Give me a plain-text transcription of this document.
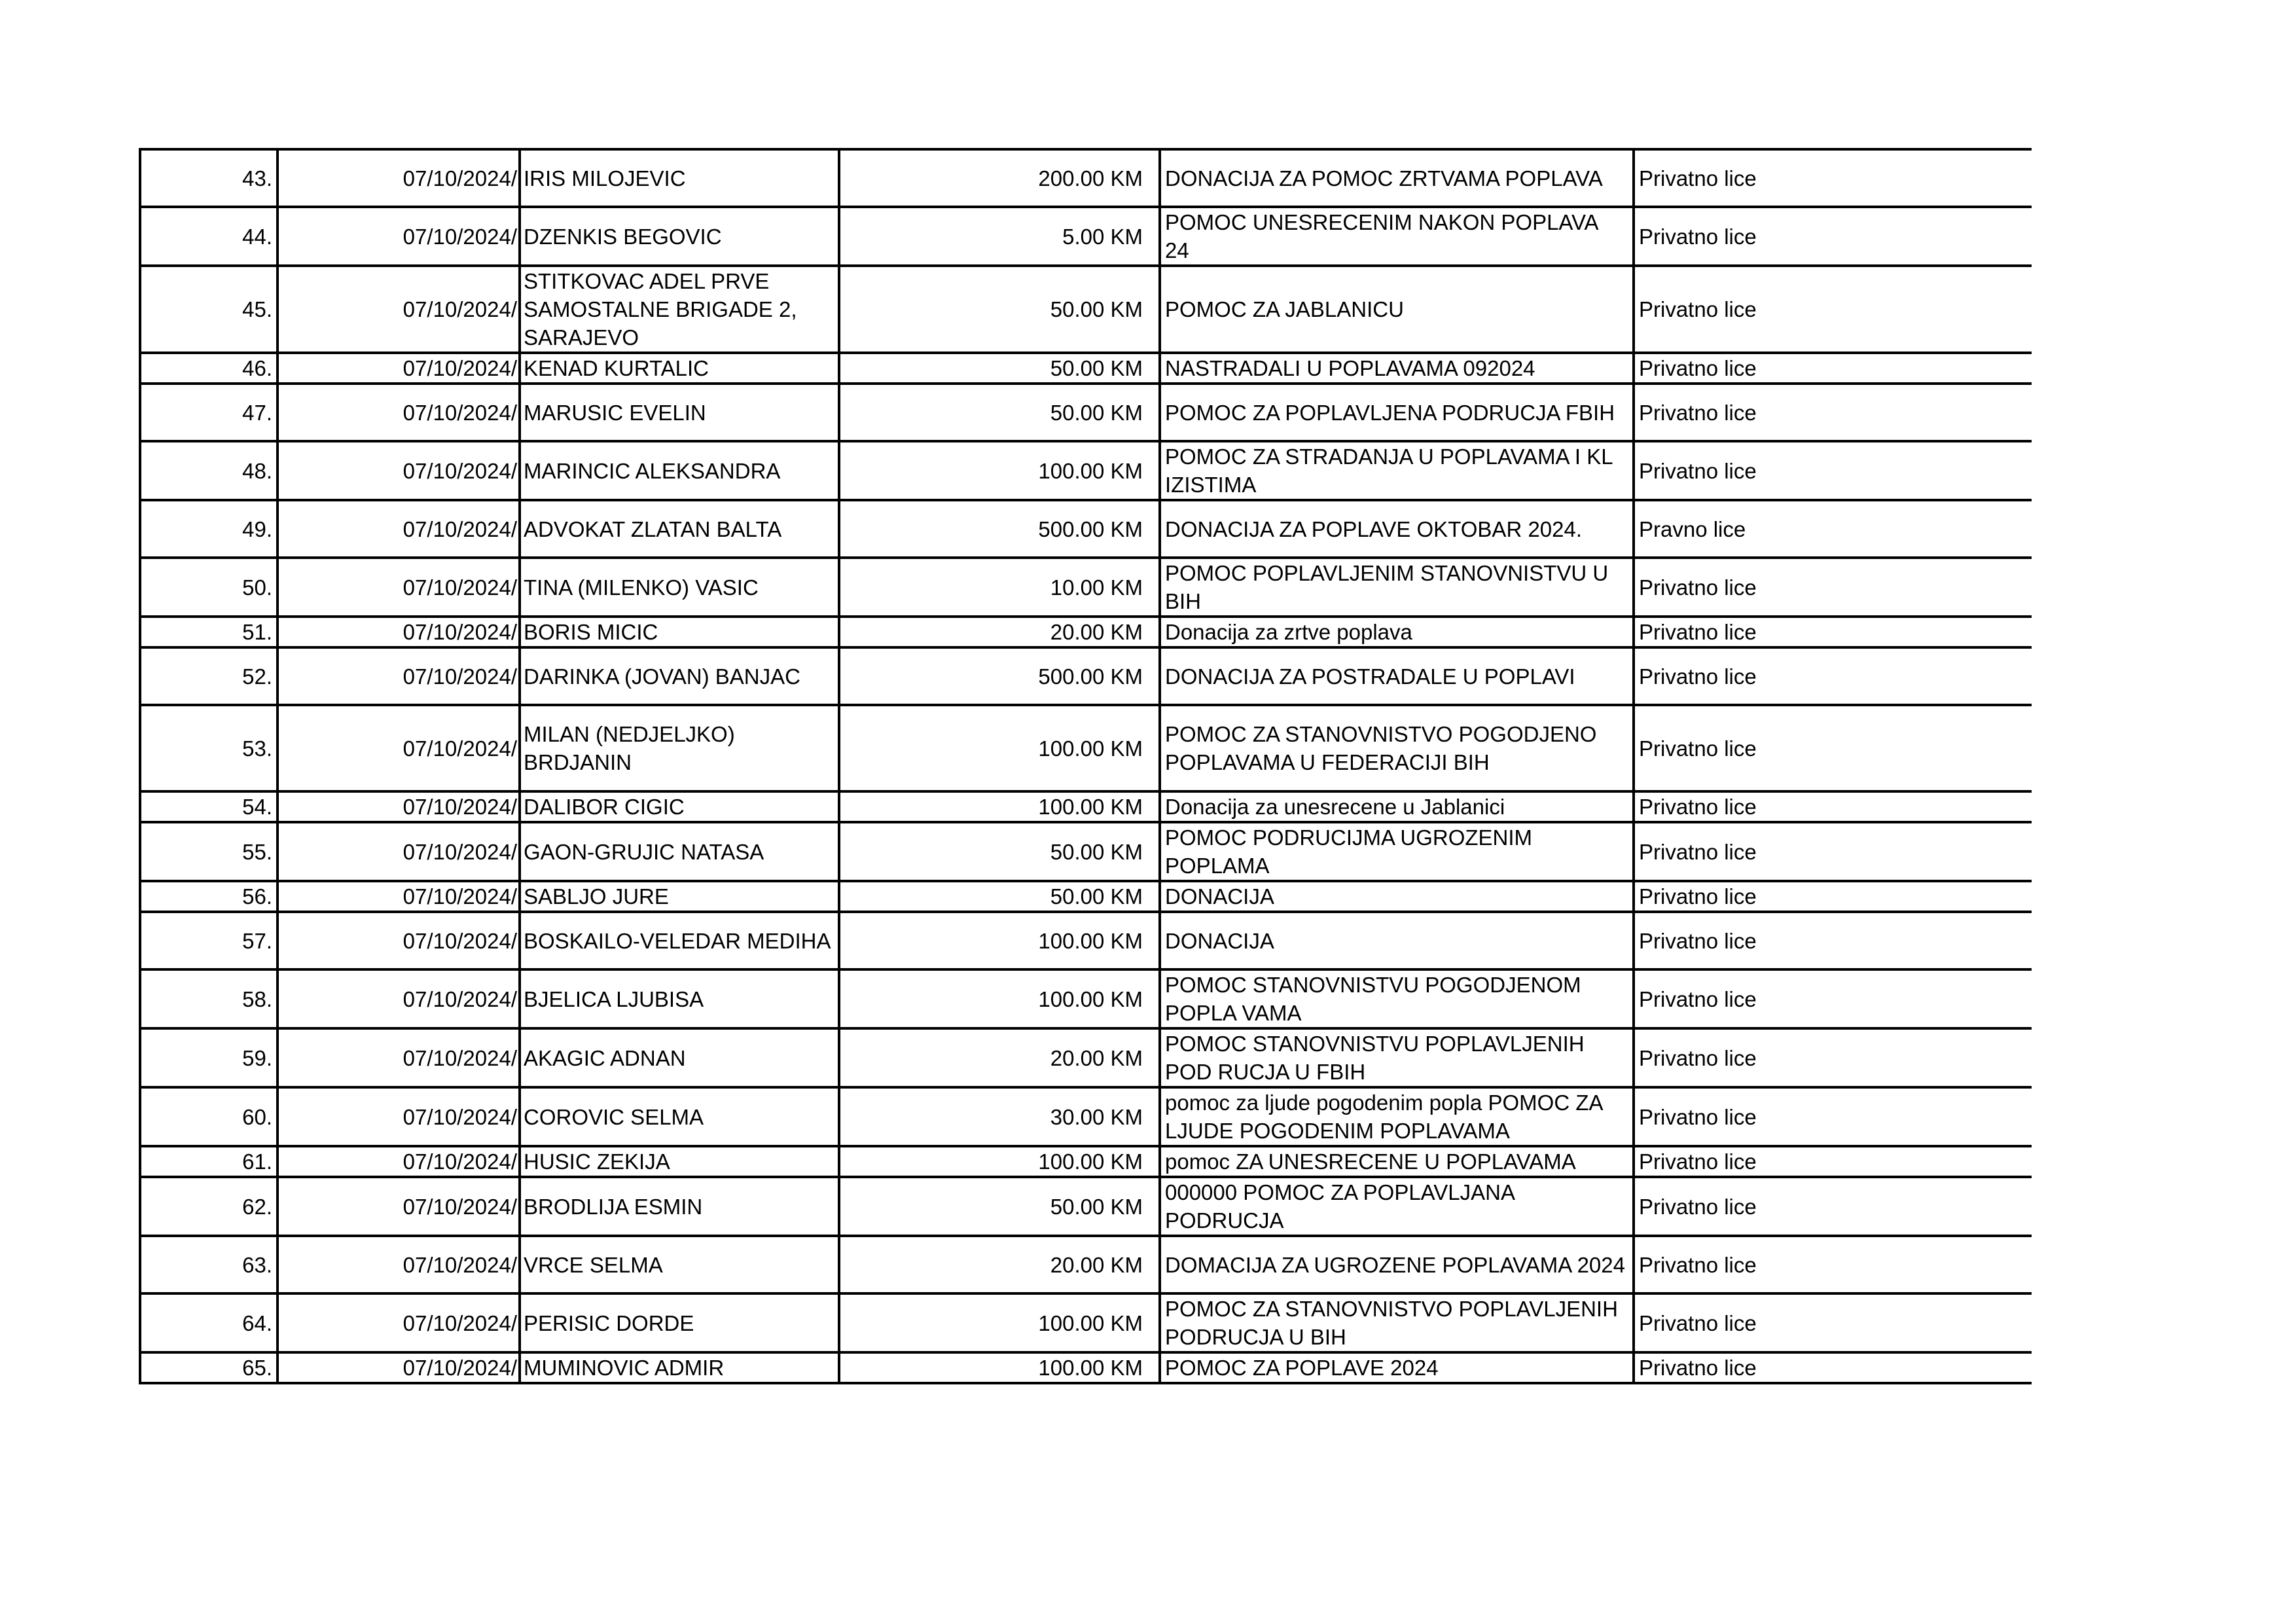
43.	07/10/2024/	IRIS MILOJEVIC	200.00 KM	DONACIJA ZA POMOC ZRTVAMA POPLAVA	Privatno lice
44.	07/10/2024/	DZENKIS BEGOVIC	5.00 KM	POMOC UNESRECENIM NAKON POPLAVA 24	Privatno lice
45.	07/10/2024/	STITKOVAC ADEL PRVE SAMOSTALNE BRIGADE 2, SARAJEVO	50.00 KM	POMOC ZA JABLANICU	Privatno lice
46.	07/10/2024/	KENAD KURTALIC	50.00 KM	NASTRADALI U POPLAVAMA 092024	Privatno lice
47.	07/10/2024/	MARUSIC EVELIN	50.00 KM	POMOC ZA POPLAVLJENA PODRUCJA FBIH	Privatno lice
48.	07/10/2024/	MARINCIC ALEKSANDRA	100.00 KM	POMOC ZA STRADANJA U POPLAVAMA I KL IZISTIMA	Privatno lice
49.	07/10/2024/	ADVOKAT ZLATAN BALTA	500.00 KM	DONACIJA ZA POPLAVE OKTOBAR 2024.	Pravno lice
50.	07/10/2024/	TINA (MILENKO) VASIC	10.00 KM	POMOC POPLAVLJENIM STANOVNISTVU U BIH	Privatno lice
51.	07/10/2024/	BORIS MICIC	20.00 KM	Donacija za zrtve poplava	Privatno lice
52.	07/10/2024/	DARINKA (JOVAN) BANJAC	500.00 KM	DONACIJA ZA POSTRADALE U POPLAVI	Privatno lice
53.	07/10/2024/	MILAN (NEDJELJKO) BRDJANIN	100.00 KM	POMOC ZA STANOVNISTVO POGODJENO POPLAVAMA U FEDERACIJI BIH	Privatno lice
54.	07/10/2024/	DALIBOR CIGIC	100.00 KM	Donacija za unesrecene u Jablanici	Privatno lice
55.	07/10/2024/	GAON-GRUJIC NATASA	50.00 KM	POMOC PODRUCIJMA UGROZENIM POPLAMA	Privatno lice
56.	07/10/2024/	SABLJO JURE	50.00 KM	DONACIJA	Privatno lice
57.	07/10/2024/	BOSKAILO-VELEDAR MEDIHA	100.00 KM	DONACIJA	Privatno lice
58.	07/10/2024/	BJELICA LJUBISA	100.00 KM	POMOC STANOVNISTVU POGODJENOM POPLA VAMA	Privatno lice
59.	07/10/2024/	AKAGIC ADNAN	20.00 KM	POMOC STANOVNISTVU POPLAVLJENIH POD RUCJA U FBIH	Privatno lice
60.	07/10/2024/	COROVIC SELMA	30.00 KM	pomoc za ljude pogodenim popla POMOC ZA LJUDE POGODENIM POPLAVAMA	Privatno lice
61.	07/10/2024/	HUSIC ZEKIJA	100.00 KM	pomoc ZA UNESRECENE U POPLAVAMA	Privatno lice
62.	07/10/2024/	BRODLIJA ESMIN	50.00 KM	000000 POMOC ZA POPLAVLJANA PODRUCJA	Privatno lice
63.	07/10/2024/	VRCE SELMA	20.00 KM	DOMACIJA ZA UGROZENE POPLAVAMA 2024	Privatno lice
64.	07/10/2024/	PERISIC DORDE	100.00 KM	POMOC ZA STANOVNISTVO POPLAVLJENIH PODRUCJA U BIH	Privatno lice
65.	07/10/2024/	MUMINOVIC ADMIR	100.00 KM	POMOC ZA POPLAVE 2024	Privatno lice
